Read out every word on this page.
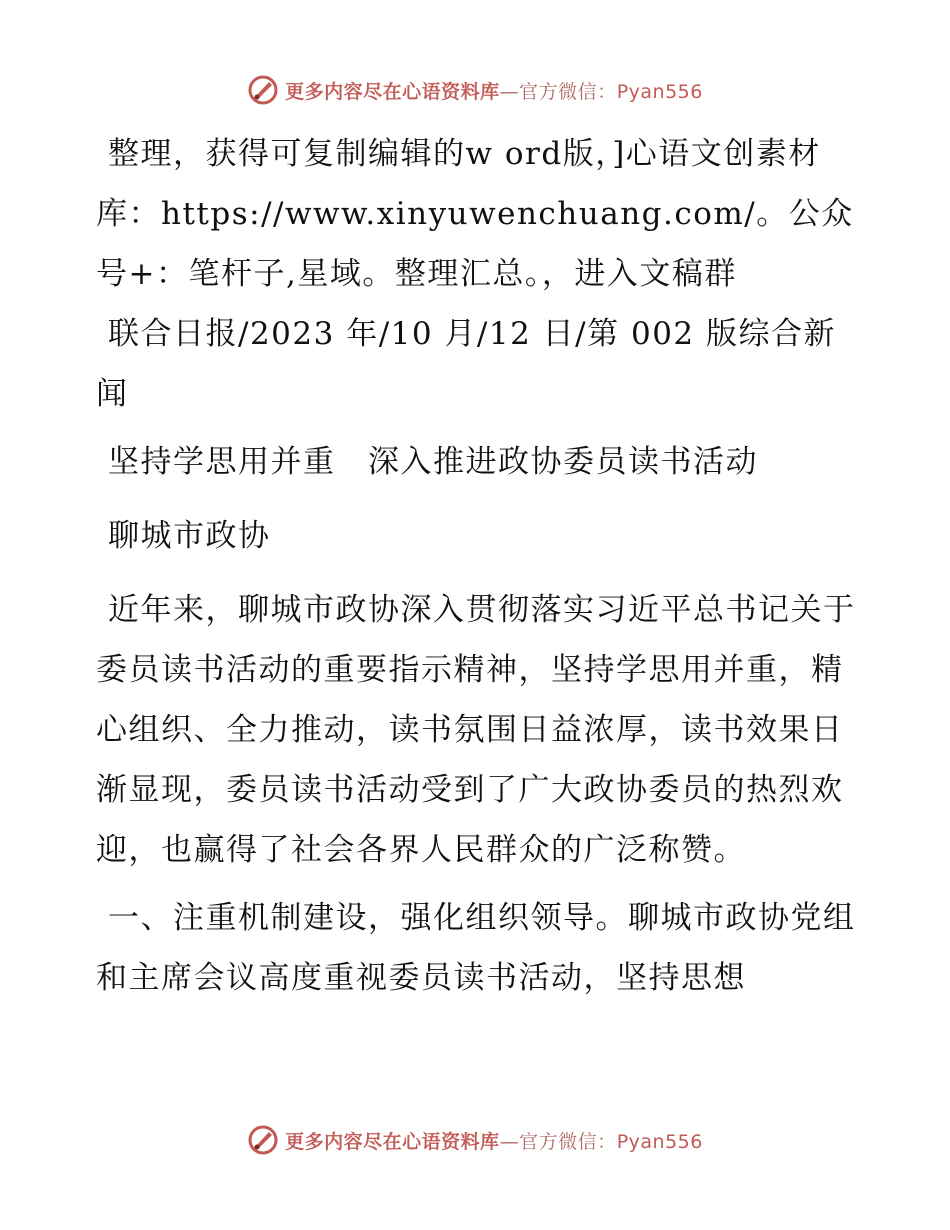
更多内容尽在心语资料库—官方微信：Pyan556

整理，获得可复制编辑的w ord版，]心语文创素材库：https://www.xinyuwenchuang.com/。公众号+：笔杆子,星域。整理汇总。，进入文稿群

联合日报/2023 年/10 月/12 日/第 002 版综合新闻

坚持学思用并重　深入推进政协委员读书活动

聊城市政协

近年来，聊城市政协深入贯彻落实习近平总书记关于委员读书活动的重要指示精神，坚持学思用并重，精心组织、全力推动，读书氛围日益浓厚，读书效果日渐显现，委员读书活动受到了广大政协委员的热烈欢迎，也赢得了社会各界人民群众的广泛称赞。

一、注重机制建设，强化组织领导。聊城市政协党组和主席会议高度重视委员读书活动，坚持思想

更多内容尽在心语资料库—官方微信：Pyan556
